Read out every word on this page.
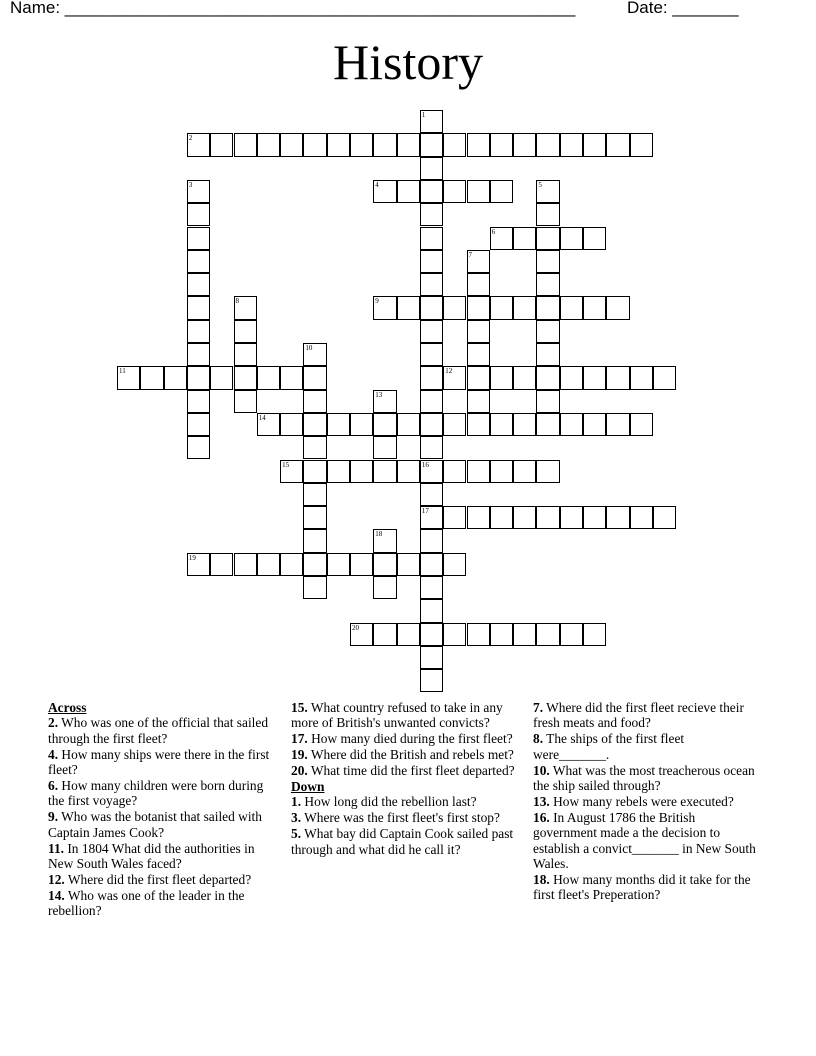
Name: ______________________________________________________	Date: _______
History
1
16
17
2
3	4	5
6
7
8	9
10
11	12
13
14
15
18
19
20
Across
2. Who was one of the official that sailed through the first fleet?
4. How many ships were there in the first fleet?
6. How many children were born during the first voyage?
9. Who was the botanist that sailed with Captain James Cook?
11. In 1804 What did the authorities in New South Wales faced?
12. Where did the first fleet departed?
14. Who was one of the leader in the rebellion?
15. What country refused to take in any more of British's unwanted convicts?
17. How many died during the first fleet?
19. Where did the British and rebels met?
20. What time did the first fleet departed?
Down
1. How long did the rebellion last?
3. Where was the first fleet's first stop?
5. What bay did Captain Cook sailed past through and what did he call it?
7. Where did the first fleet recieve their fresh meats and food?
8. The ships of the first fleet were_______.
10. What was the most treacherous ocean the ship sailed through?
13. How many rebels were executed?
16. In August 1786 the British government made a the decision to establish a convict_______ in New South Wales.
18. How many months did it take for the first fleet's Preperation?
